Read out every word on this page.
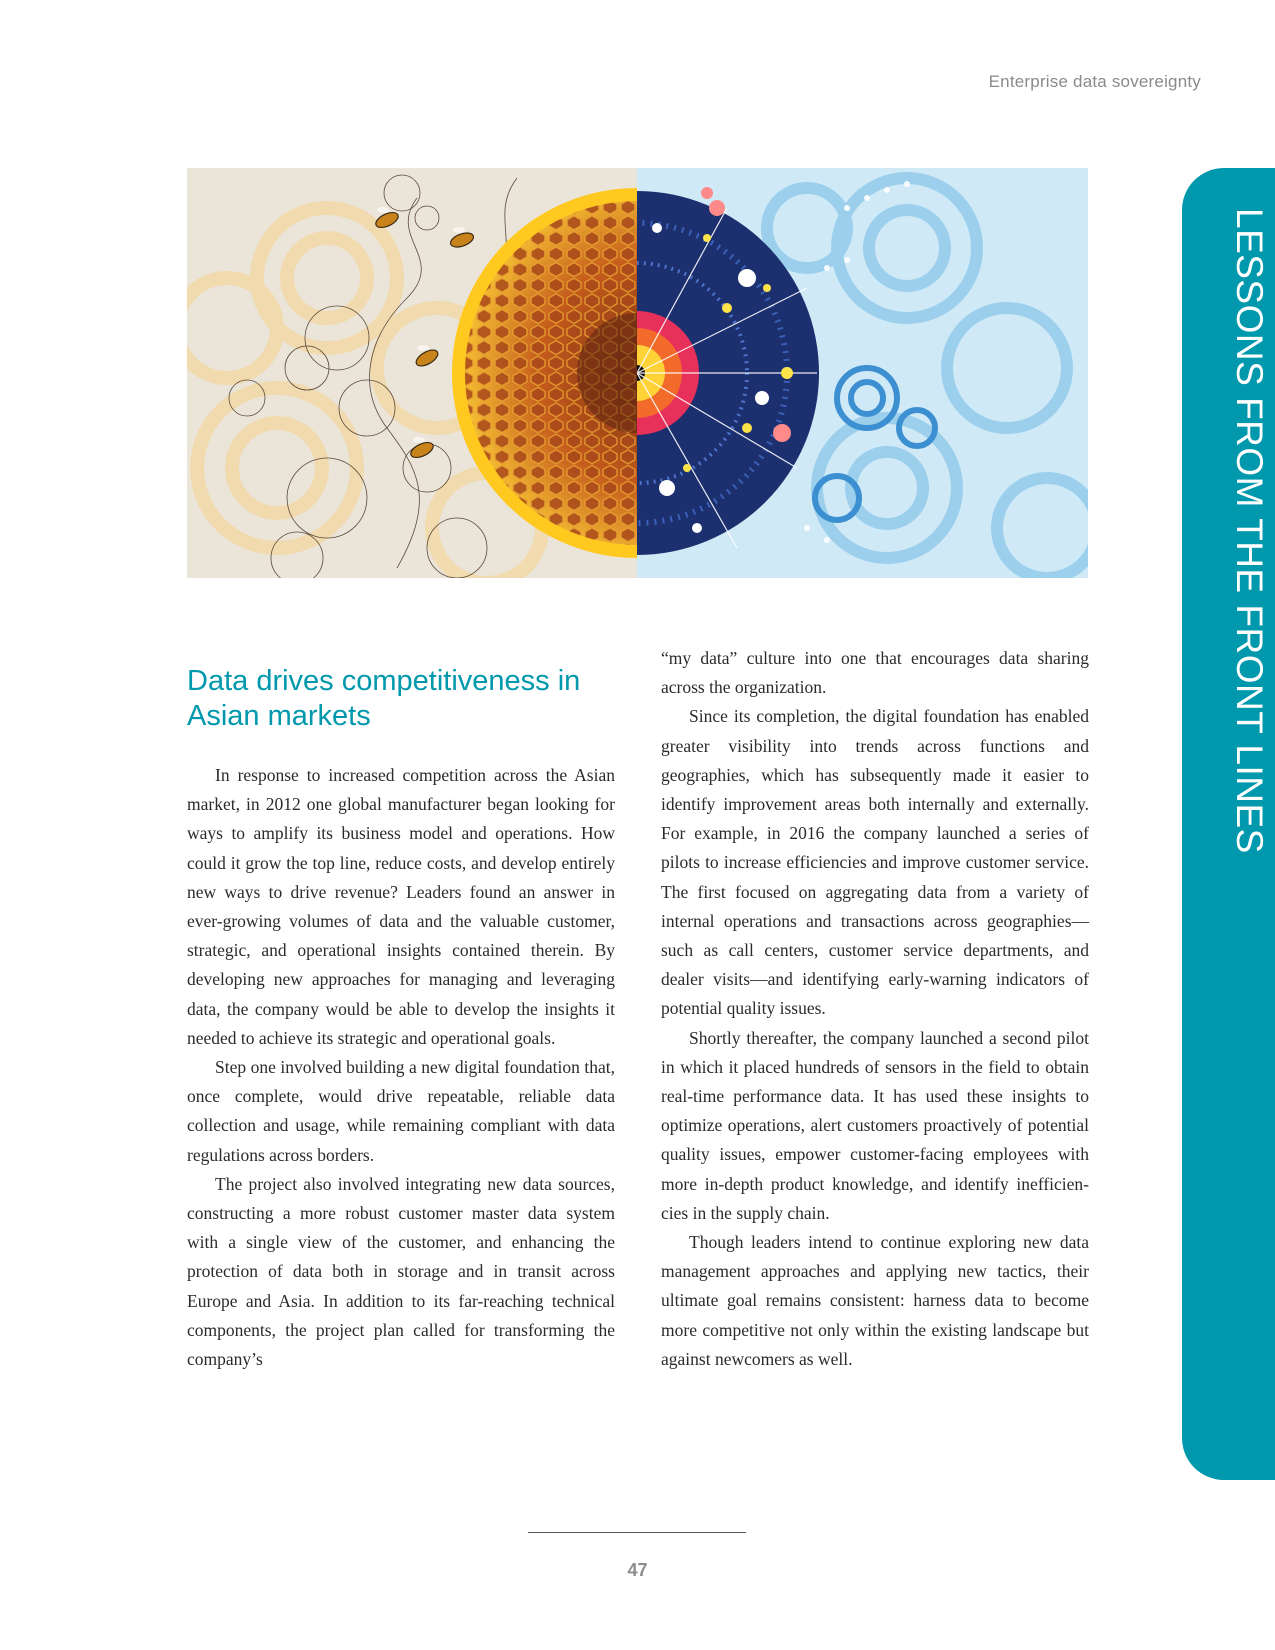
Enterprise data sovereignty
LESSONS FROM THE FRONT LINES
Data drives competitiveness in Asian markets

In response to increased competition across the Asian market, in 2012 one global manufacturer began looking for ways to amplify its business model and operations. How could it grow the top line, reduce costs, and develop entirely new ways to drive revenue? Leaders found an answer in ever-growing volumes of data and the valuable customer, strategic, and operational insights contained therein. By developing new approaches for managing and leveraging data, the company would be able to develop the insights it needed to achieve its strategic and operational goals.

Step one involved building a new digital foundation that, once complete, would drive repeatable, reliable data collection and usage, while remaining compliant with data regulations across borders.

The project also involved integrating new data sources, constructing a more robust customer master data system with a single view of the customer, and enhancing the protection of data both in storage and in transit across Europe and Asia. In addition to its far-reaching technical components, the project plan called for transforming the company’s

“my data” culture into one that encourages data sharing across the organization.

Since its completion, the digital foundation has enabled greater visibility into trends across functions and geographies, which has subsequently made it easier to identify improvement areas both internally and externally. For example, in 2016 the company launched a series of pilots to increase efficiencies and improve customer service. The first focused on aggregating data from a variety of internal operations and transactions across geographies—such as call centers, customer service departments, and dealer visits—and identifying early-warning indicators of potential quality issues.

Shortly thereafter, the company launched a second pilot in which it placed hundreds of sensors in the field to obtain real-time performance data. It has used these insights to optimize operations, alert customers proactively of potential quality issues, empower customer-facing employees with more in-depth product knowledge, and identify inefficiencies in the supply chain.

Though leaders intend to continue exploring new data management approaches and applying new tactics, their ultimate goal remains consistent: harness data to become more competitive not only within the existing landscape but against newcomers as well.

47
